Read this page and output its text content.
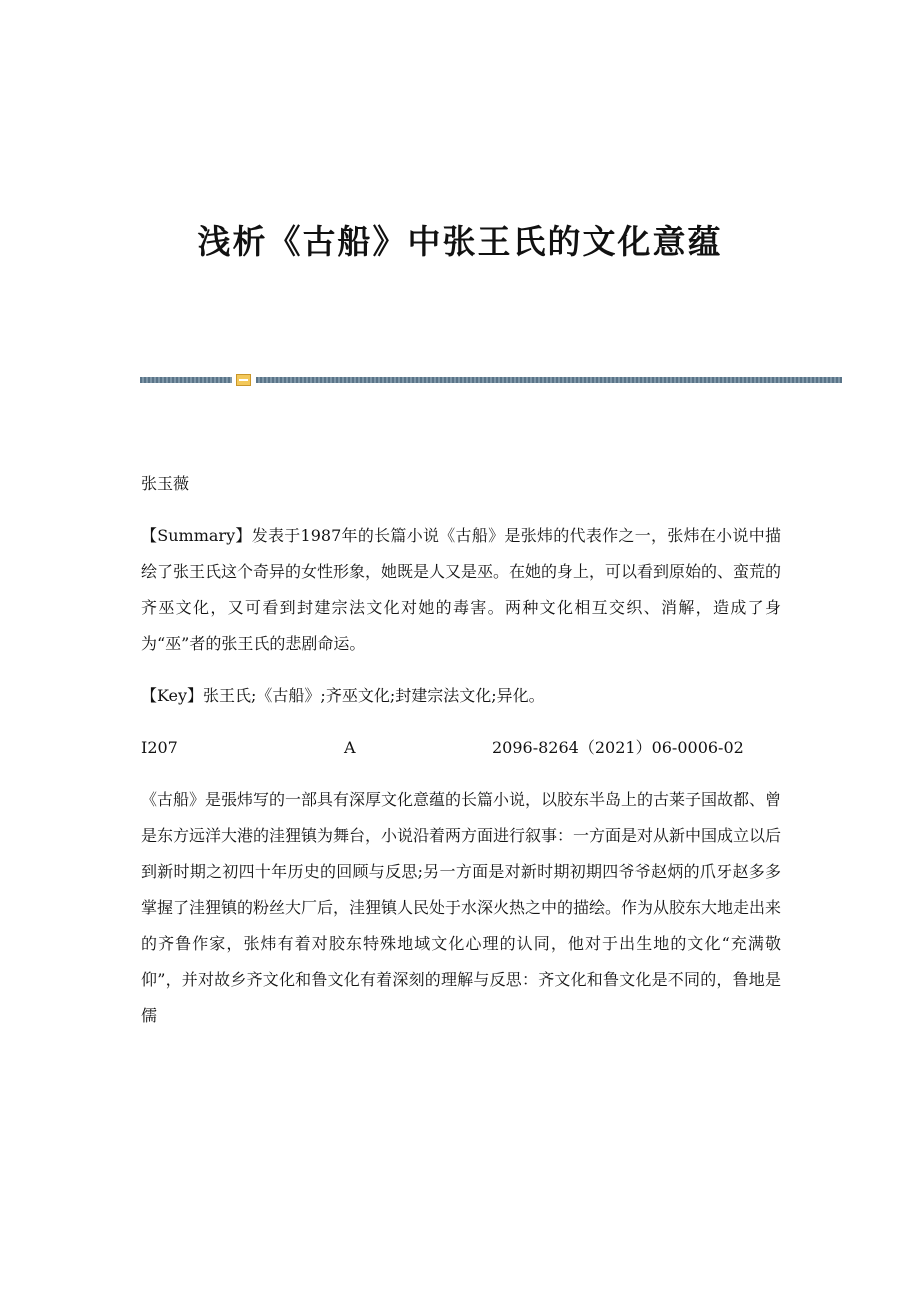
浅析《古船》中张王氏的文化意蕴

张玉薇

【Summary】发表于1987年的长篇小说《古船》是张炜的代表作之一，张炜在小说中描绘了张王氏这个奇异的女性形象，她既是人又是巫。在她的身上，可以看到原始的、蛮荒的齐巫文化，又可看到封建宗法文化对她的毒害。两种文化相互交织、消解，造成了身为“巫”者的张王氏的悲剧命运。

【Key】张王氏;《古船》;齐巫文化;封建宗法文化;异化。

I207	A	2096-8264（2021）06-0006-02

《古船》是張炜写的一部具有深厚文化意蕴的长篇小说，以胶东半岛上的古莱子国故都、曾是东方远洋大港的洼狸镇为舞台，小说沿着两方面进行叙事：一方面是对从新中国成立以后到新时期之初四十年历史的回顾与反思;另一方面是对新时期初期四爷爷赵炳的爪牙赵多多掌握了洼狸镇的粉丝大厂后，洼狸镇人民处于水深火热之中的描绘。作为从胶东大地走出来的齐鲁作家，张炜有着对胶东特殊地域文化心理的认同，他对于出生地的文化“充满敬仰”，并对故乡齐文化和鲁文化有着深刻的理解与反思：齐文化和鲁文化是不同的，鲁地是儒
